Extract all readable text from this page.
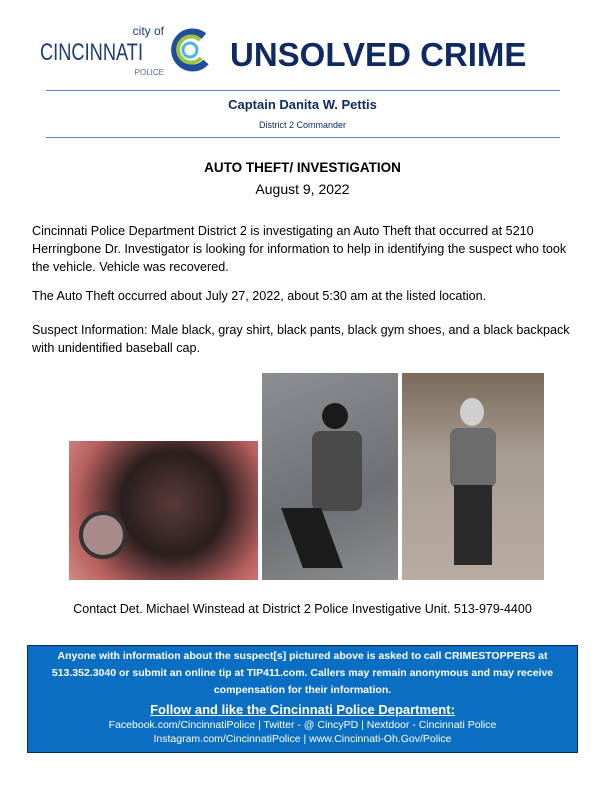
city of
CINCINNATI
POLICE UNSOLVED CRIME
Captain Danita W. Pettis
District 2 Commander
AUTO THEFT/ INVESTIGATION
August 9, 2022
Cincinnati Police Department District 2 is investigating an Auto Theft that occurred at 5210 Herringbone Dr. Investigator is looking for information to help in identifying the suspect who took the vehicle. Vehicle was recovered.
The Auto Theft occurred about July 27, 2022, about 5:30 am at the listed location.
Suspect Information: Male black, gray shirt, black pants, black gym shoes, and a black backpack with unidentified baseball cap.
Contact Det. Michael Winstead at District 2 Police Investigative Unit. 513-979-4400
Anyone with information about the suspect[s] pictured above is asked to call CRIMESTOPPERS at 513.352.3040 or submit an online tip at TIP411.com. Callers may remain anonymous and may receive compensation for their information.
Follow and like the Cincinnati Police Department:
Facebook.com/CincinnatiPolice | Twitter - @ CincyPD | Nextdoor - Cincinnati Police
Instagram.com/CincinnatiPolice | www.Cincinnati-Oh.Gov/Police
